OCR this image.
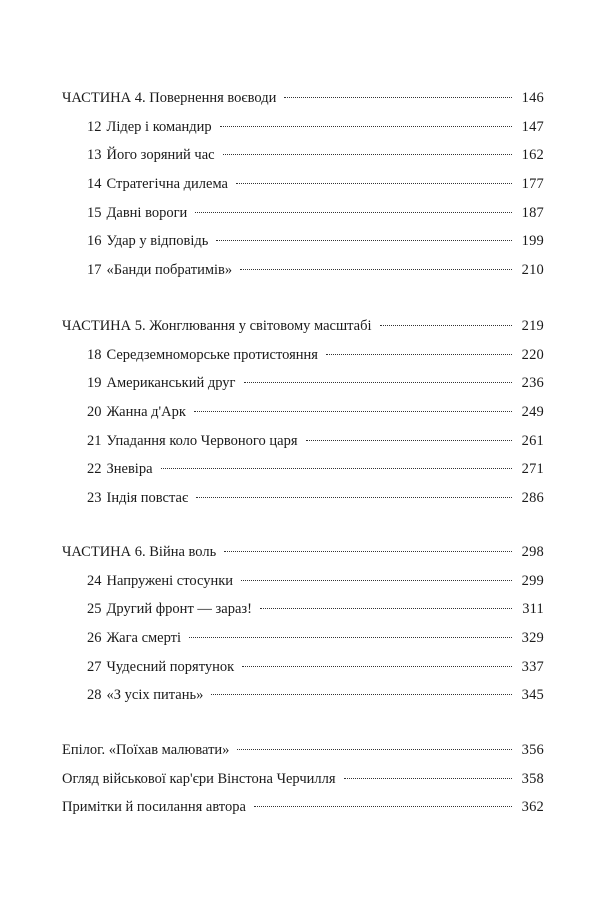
ЧАСТИНА 4. Повернення воєводи	146
12 Лідер і командир	147
13 Його зоряний час	162
14 Стратегічна дилема	177
15 Давні вороги	187
16 Удар у відповідь	199
17 «Банди побратимів»	210
ЧАСТИНА 5. Жонглювання у світовому масштабі	219
18 Середземноморське протистояння	220
19 Американський друг	236
20 Жанна д'Арк	249
21 Упадання коло Червоного царя	261
22 Зневіра	271
23 Індія повстає	286
ЧАСТИНА 6. Війна воль	298
24 Напружені стосунки	299
25 Другий фронт — зараз!	311
26 Жага смерті	329
27 Чудесний порятунок	337
28 «З усіх питань»	345
Епілог. «Поїхав малювати»	356
Огляд військової кар'єри Вінстона Черчилля	358
Примітки й посилання автора	362
